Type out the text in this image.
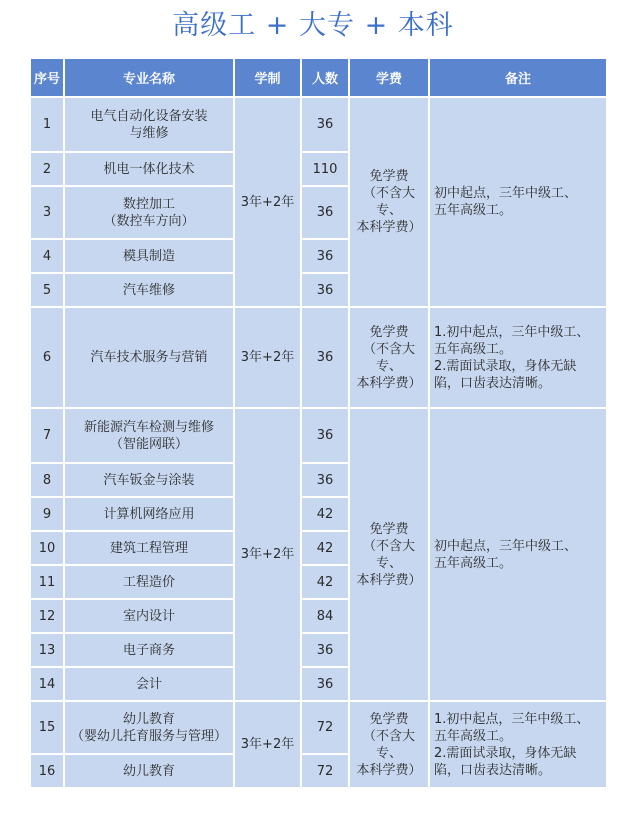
高级工 + 大专 + 本科
序号	专业名称	学制	人数	学费	备注
1	电气自动化设备安装
与维修	3年+2年	36	免学费
（不含大专、
本科学费）	初中起点，三年中级工、
五年高级工。

2	机电一体化技术		110		
3	数控加工
（数控车方向）		36		
4	模具制造		36		
5	汽车维修		36		
6	汽车技术服务与营销	3年+2年	36	免学费
（不含大专、
本科学费）	1.初中起点，三年中级工、
五年高级工。
2.需面试录取，身体无缺
陷，口齿表达清晰。

7	新能源汽车检测与维修
（智能网联）	3年+2年	36	免学费
（不含大专、
本科学费）	初中起点，三年中级工、
五年高级工。

8	汽车钣金与涂装		36		
9	计算机网络应用		42		
10	建筑工程管理		42		
11	工程造价		42		
12	室内设计		84		
13	电子商务		36		
14	会计		36		
15	幼儿教育
（婴幼儿托育服务与管理）	3年+2年	72	免学费
（不含大专、
本科学费）	1.初中起点，三年中级工、
五年高级工。
2.需面试录取，身体无缺
陷，口齿表达清晰。

16	幼儿教育		72		
